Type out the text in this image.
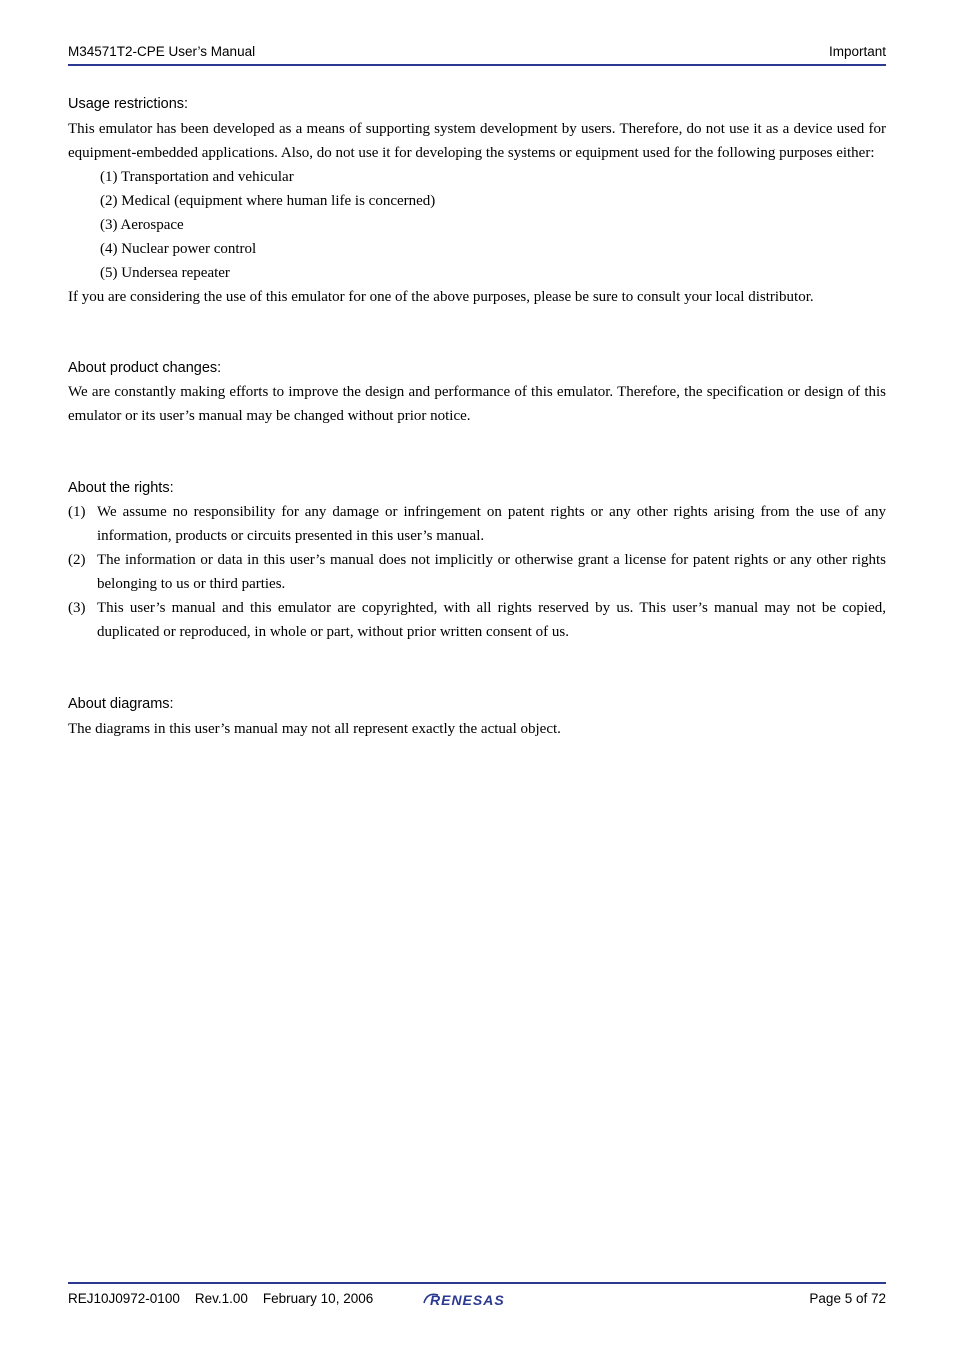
M34571T2-CPE User’s Manual	Important

Usage restrictions:

This emulator has been developed as a means of supporting system development by users. Therefore, do not use it as a device used for equipment-embedded applications. Also, do not use it for developing the systems or equipment used for the following purposes either:

(1) Transportation and vehicular
(2) Medical (equipment where human life is concerned)
(3) Aerospace
(4) Nuclear power control
(5) Undersea repeater

If you are considering the use of this emulator for one of the above purposes, please be sure to consult your local distributor.

About product changes:

We are constantly making efforts to improve the design and performance of this emulator. Therefore, the specification or design of this emulator or its user’s manual may be changed without prior notice.

About the rights:

(1) We assume no responsibility for any damage or infringement on patent rights or any other rights arising from the use of any information, products or circuits presented in this user’s manual.
(2) The information or data in this user’s manual does not implicitly or otherwise grant a license for patent rights or any other rights belonging to us or third parties.
(3) This user’s manual and this emulator are copyrighted, with all rights reserved by us. This user’s manual may not be copied, duplicated or reproduced, in whole or part, without prior written consent of us.

About diagrams:

The diagrams in this user’s manual may not all represent exactly the actual object.

REJ10J0972-0100 Rev.1.00 February 10, 2006	RENESAS	Page 5 of 72
